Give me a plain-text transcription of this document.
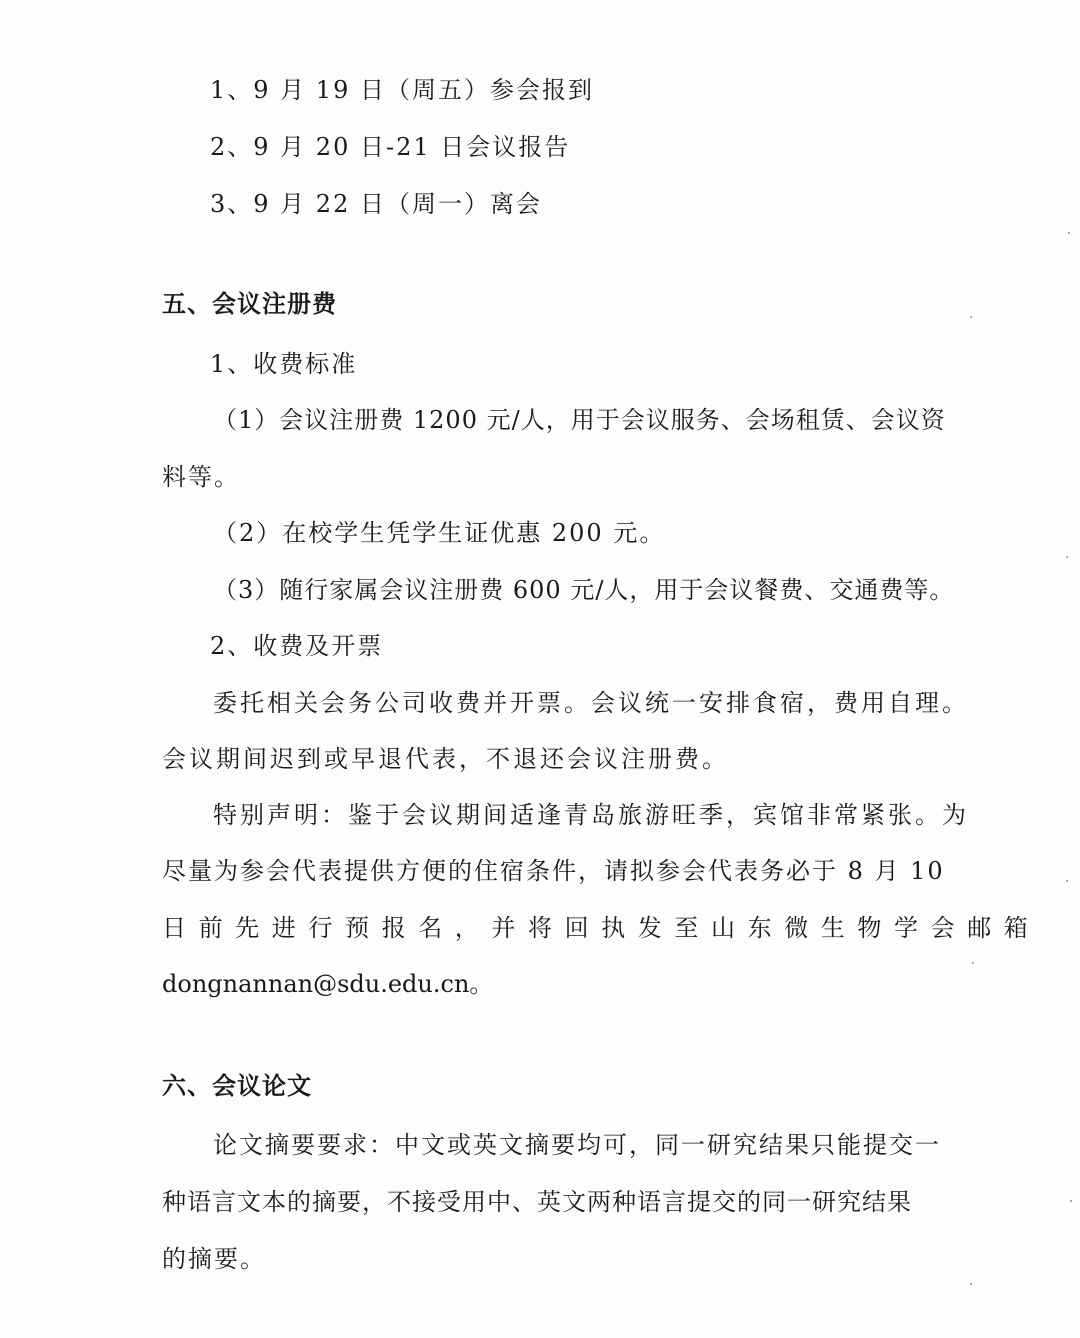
1、9 月 19 日（周五）参会报到
2、9 月 20 日-21 日会议报告
3、9 月 22 日（周一）离会
五、会议注册费
1、收费标准
（1）会议注册费 1200 元/人，用于会议服务、会场租赁、会议资
料等。
（2）在校学生凭学生证优惠 200 元。
（3）随行家属会议注册费 600 元/人，用于会议餐费、交通费等。
2、收费及开票
委托相关会务公司收费并开票。会议统一安排食宿，费用自理。
会议期间迟到或早退代表，不退还会议注册费。
特别声明：鉴于会议期间适逢青岛旅游旺季，宾馆非常紧张。为
尽量为参会代表提供方便的住宿条件，请拟参会代表务必于 8 月 10
日前先进行预报名，并将回执发至山东微生物学会邮箱
dongnannan@sdu.edu.cn。
六、会议论文
论文摘要要求：中文或英文摘要均可，同一研究结果只能提交一
种语言文本的摘要，不接受用中、英文两种语言提交的同一研究结果
的摘要。
